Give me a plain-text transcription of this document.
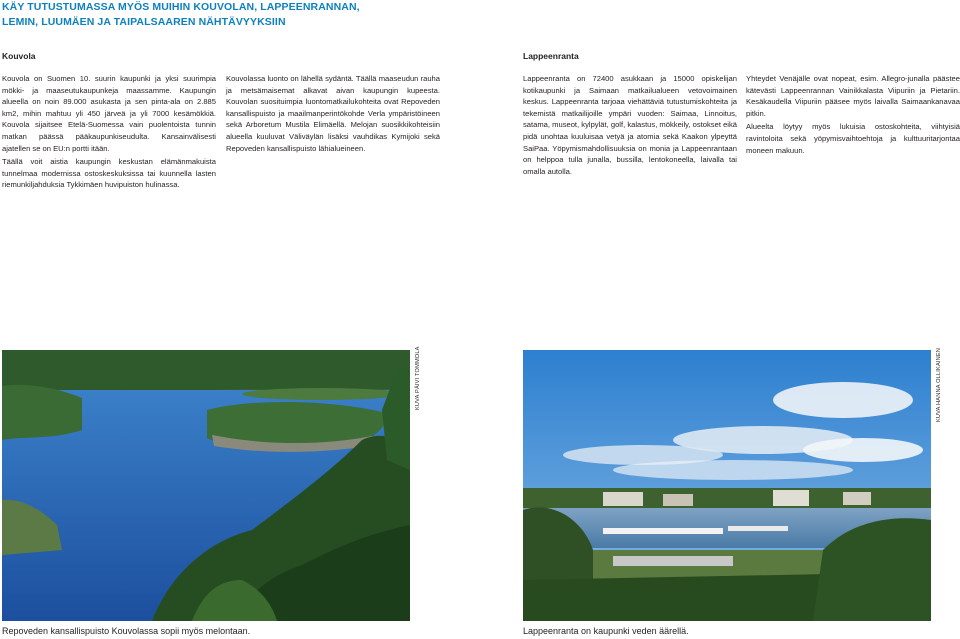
KÄY TUTUSTUMASSA MYÖS MUIHIN KOUVOLAN, LAPPEENRANNAN,
LEMIN, LUUMÄEN JA TAIPALSAAREN NÄHTÄVYYKSIIN
Kouvola	Lappeenranta

Kouvola on Suomen 10. suurin kaupunki ja yksi suurimpia mökki- ja maaseutukaupunkeja maassamme. Kaupungin alueella on noin 89.000 asukasta ja sen pinta-ala on 2.885 km2, mihin mahtuu yli 450 järveä ja yli 7000 kesämökkiä. Kouvola sijaitsee Etelä-Suomessa vain puolentoista tunnin matkan päässä pääkaupunkiseudulta. Kansainvälisesti ajatellen se on EU:n portti itään.

Täällä voit aistia kaupungin keskustan elämänmakuista tunnelmaa modernissa ostoskeskuksissa tai kuunnella lasten riemunkiljahduksia Tykkimäen huvipuiston hulinassa.

Kouvolassa luonto on lähellä sydäntä. Täällä maaseudun rauha ja metsämaisemat alkavat aivan kaupungin kupeesta. Kouvolan suosituimpia luontomatkailukohteita ovat Repoveden kansallispuisto ja maailmanperintökohde Verla ympäristöineen sekä Arboretum Mustila Elimäellä. Melojan suosikkikohteisiin alueella kuuluvat Väliväylän lisäksi vauhdikas Kymijoki sekä Repoveden kansallispuisto lähialueineen.

Lappeenranta on 72400 asukkaan ja 15000 opiskelijan kotikaupunki ja Saimaan matkailualueen vetovoimainen keskus. Lappeenranta tarjoaa viehättäviä tutustumiskohteita ja tekemistä matkailijoille ympäri vuoden: Saimaa, Linnoitus, satama, museot, kylpylät, golf, kalastus, mökkeily, ostokset eikä pidä unohtaa kuuluisaa vetyä ja atomia sekä Kaakon ylpeyttä SaiPaa. Yöpymismahdollisuuksia on monia ja Lappeenrantaan on helppoa tulla junalla, bussilla, lentokoneella, laivalla tai omalla autolla.

Yhteydet Venäjälle ovat nopeat, esim. Allegro-junalla päästee kätevästi Lappeenrannan Vainikkalasta Viipuriin ja Pietariin. Kesäkaudella Viipuriin pääsee myös laivalla Saimaankanavaa pitkin.

Alueelta löytyy myös lukuisia ostoskohteita, viihtyisiä ravintoloita sekä yöpymisvaihtoehtoja ja kulttuuritarjontaa moneen makuun.

KUVA PÄIVI TOMMOLA	KUVA HANNA OLLIKAINEN
Repoveden kansallispuisto Kouvolassa sopii myös melontaan.	Lappeenranta on kaupunki veden äärellä.
